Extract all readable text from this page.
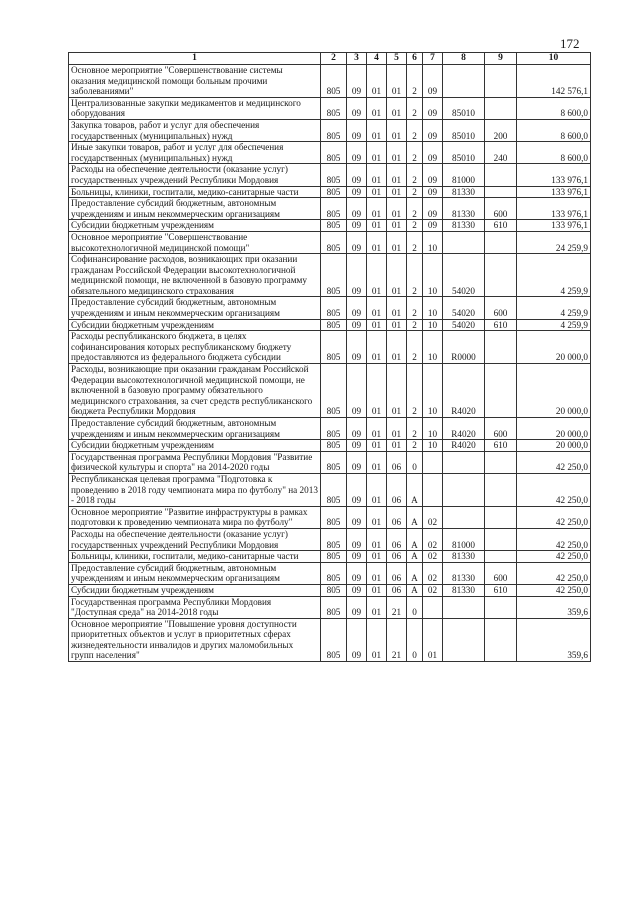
172
1	2	3	4	5	6	7	8	9	10
Основное мероприятие "Совершенствование системы оказания медицинской помощи больным прочими заболеваниями"	805	09	01	01	2	09			142 576,1
Централизованные закупки медикаментов и медицинского оборудования	805	09	01	01	2	09	85010		8 600,0
Закупка товаров, работ и услуг для обеспечения государственных (муниципальных) нужд	805	09	01	01	2	09	85010	200	8 600,0
Иные закупки товаров, работ и услуг для обеспечения государственных (муниципальных) нужд	805	09	01	01	2	09	85010	240	8 600,0
Расходы на обеспечение деятельности (оказание услуг) государственных учреждений Республики Мордовия	805	09	01	01	2	09	81000		133 976,1
Больницы, клиники, госпитали, медико-санитарные части	805	09	01	01	2	09	81330		133 976,1
Предоставление субсидий бюджетным, автономным учреждениям и иным некоммерческим организациям	805	09	01	01	2	09	81330	600	133 976,1
Субсидии бюджетным учреждениям	805	09	01	01	2	09	81330	610	133 976,1
Основное мероприятие "Совершенствование высокотехнологичной медицинской помощи"	805	09	01	01	2	10			24 259,9
Софинансирование расходов, возникающих при оказании гражданам Российской Федерации высокотехнологичной медицинской помощи, не включенной в базовую программу обязательного медицинского страхования	805	09	01	01	2	10	54020		4 259,9
Предоставление субсидий бюджетным, автономным учреждениям и иным некоммерческим организациям	805	09	01	01	2	10	54020	600	4 259,9
Субсидии бюджетным учреждениям	805	09	01	01	2	10	54020	610	4 259,9
Расходы республиканского бюджета, в целях софинансирования которых республиканскому бюджету предоставляются из федерального бюджета субсидии	805	09	01	01	2	10	R0000		20 000,0
Расходы, возникающие при оказании гражданам Российской Федерации высокотехнологичной медицинской помощи, не включенной в базовую программу обязательного медицинского страхования, за счет средств республиканского бюджета Республики Мордовия	805	09	01	01	2	10	R4020		20 000,0
Предоставление субсидий бюджетным, автономным учреждениям и иным некоммерческим организациям	805	09	01	01	2	10	R4020	600	20 000,0
Субсидии бюджетным учреждениям	805	09	01	01	2	10	R4020	610	20 000,0
Государственная программа Республики Мордовия "Развитие физической культуры и спорта" на 2014-2020 годы	805	09	01	06	0				42 250,0
Республиканская целевая программа "Подготовка к проведению в 2018 году чемпионата мира по футболу" на 2013 - 2018 годы	805	09	01	06	А				42 250,0
Основное мероприятие "Развитие инфраструктуры в рамках подготовки к проведению чемпионата мира по футболу"	805	09	01	06	А	02			42 250,0
Расходы на обеспечение деятельности (оказание услуг) государственных учреждений Республики Мордовия	805	09	01	06	А	02	81000		42 250,0
Больницы, клиники, госпитали, медико-санитарные части	805	09	01	06	А	02	81330		42 250,0
Предоставление субсидий бюджетным, автономным учреждениям и иным некоммерческим организациям	805	09	01	06	А	02	81330	600	42 250,0
Субсидии бюджетным учреждениям	805	09	01	06	А	02	81330	610	42 250,0
Государственная программа Республики Мордовия "Доступная среда" на 2014-2018 годы	805	09	01	21	0				359,6
Основное мероприятие "Повышение уровня доступности приоритетных объектов и услуг в приоритетных сферах жизнедеятельности инвалидов и других маломобильных групп населения"	805	09	01	21	0	01			359,6
